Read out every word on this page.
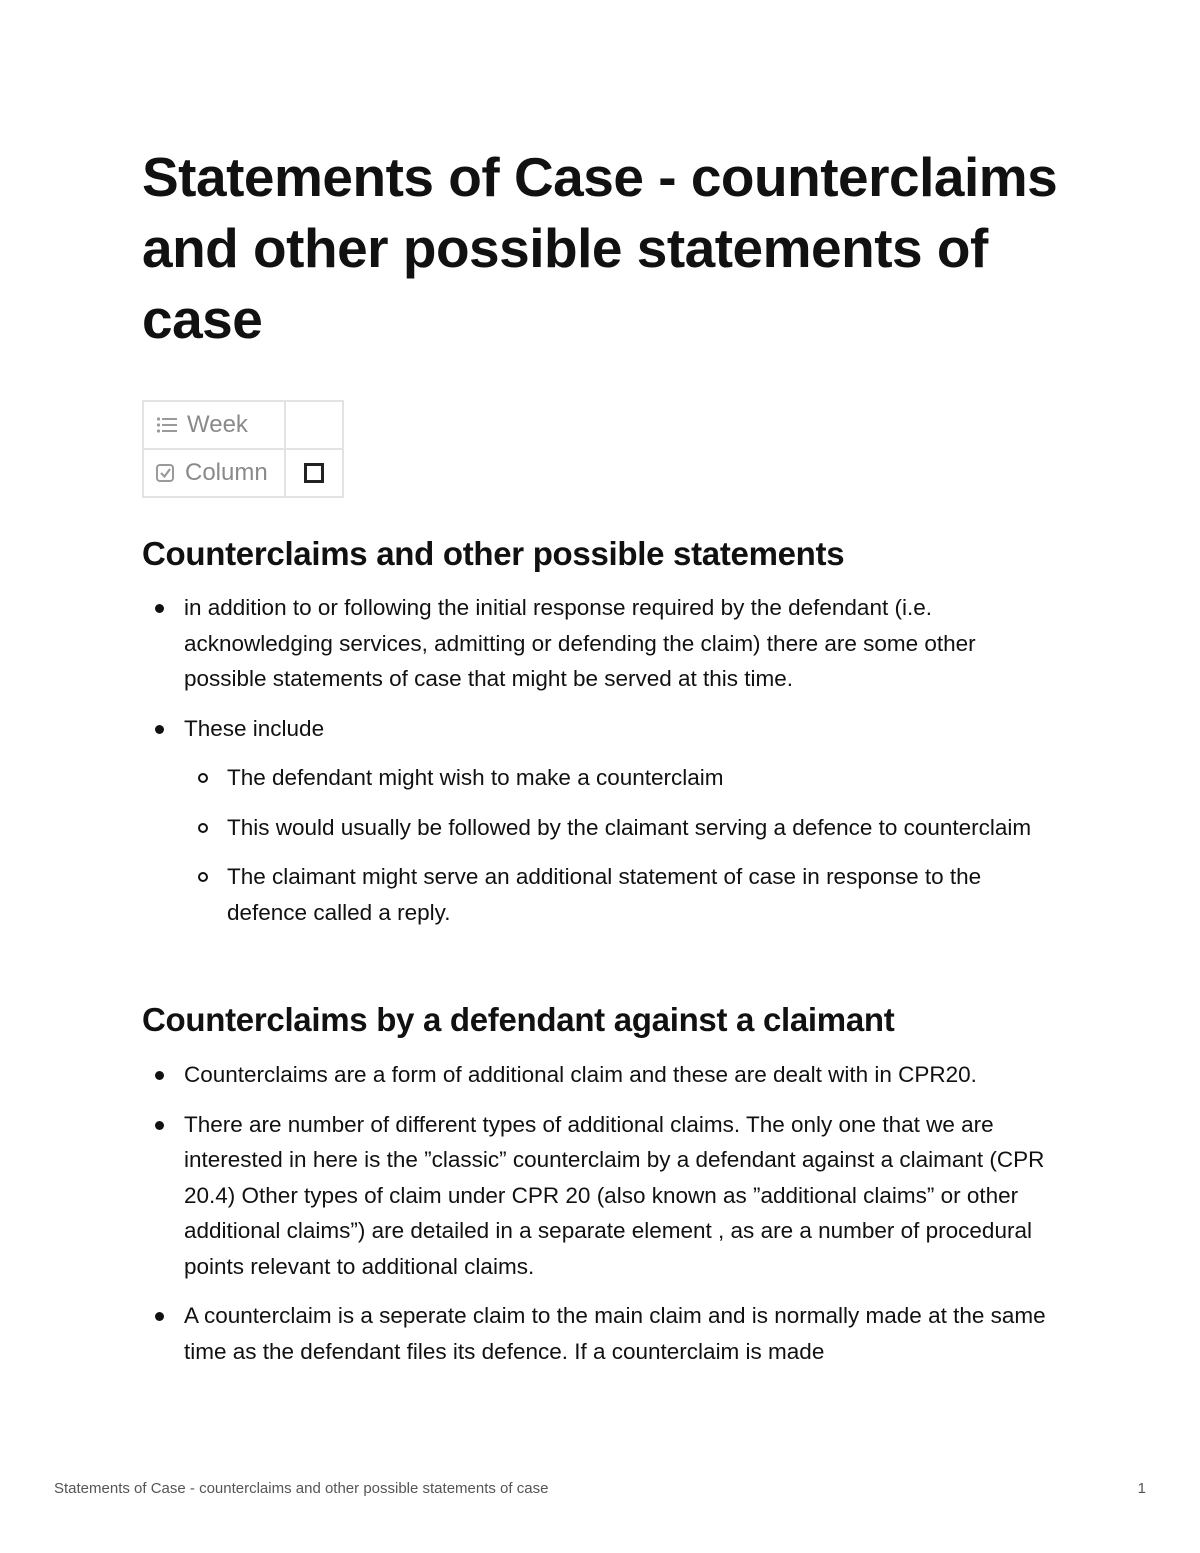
Statements of Case - counterclaims and other possible statements of case
Week	

Column	

Counterclaims and other possible statements
in addition to or following the initial response required by the defendant (i.e. acknowledging services, admitting or defending the claim) there are some other possible statements of case that might be served at this time.
These include
The defendant might wish to make a counterclaim
This would usually be followed by the claimant serving a defence to counterclaim
The claimant might serve an additional statement of case in response to the defence called a reply.
Counterclaims by a defendant against a claimant
Counterclaims are a form of additional claim and these are dealt with in CPR20.
There are number of different types of additional claims. The only one that we are interested in here is the ”classic” counterclaim by a defendant against a claimant (CPR 20.4) Other types of claim under CPR 20 (also known as ”additional claims” or other additional claims”) are detailed in a separate element , as are a number of procedural points relevant to additional claims.
A counterclaim is a seperate claim to the main claim and is normally made at the same time as the defendant files its defence. If a counterclaim is made
Statements of Case - counterclaims and other possible statements of case	1
